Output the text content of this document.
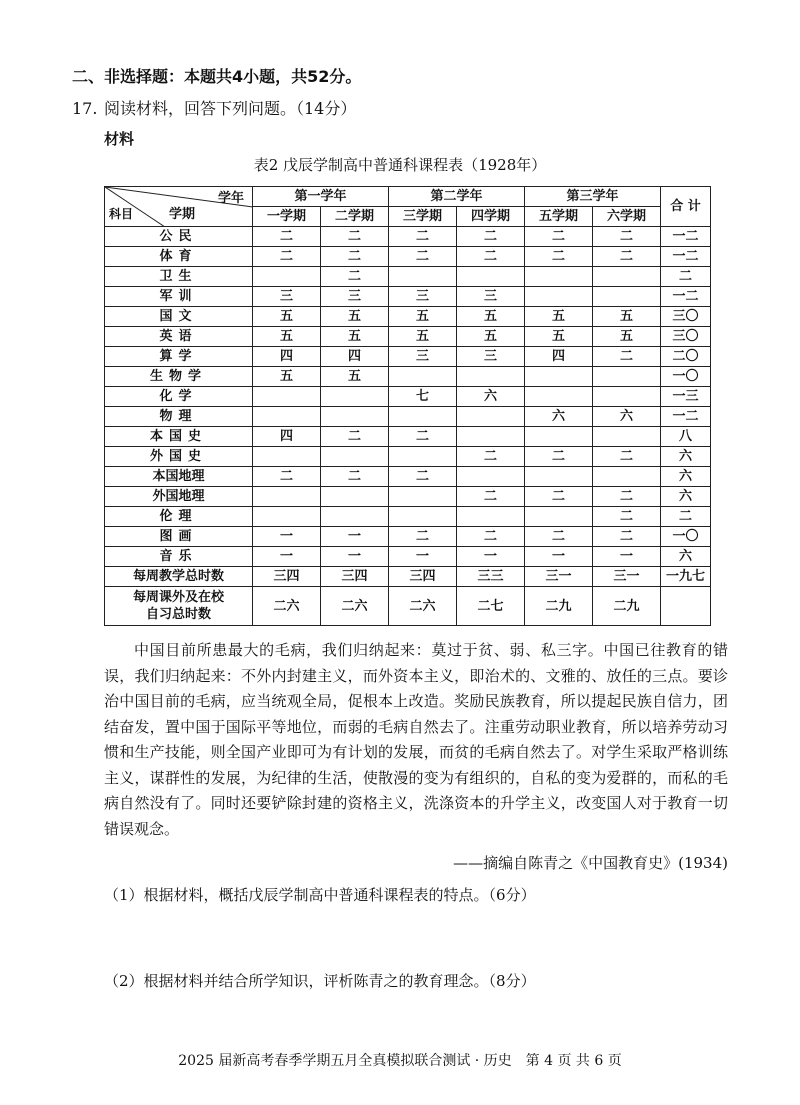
二、非选择题：本题共4小题，共52分。
17. 阅读材料，回答下列问题。（14分）
材料
表2 戊辰学制高中普通科课程表（1928年）
学年
科目 学期	第一学年		第二学年		第三学年		合 计
	一学期	二学期	三学期	四学期	五学期	六学期	
公民	二	二	二	二	二	二	一二
体育	二	二	二	二	二	二	一二
卫生		二					二
军训	三	三	三	三			一二
国文	五	五	五	五	五	五	三〇
英语	五	五	五	五	五	五	三〇
算学	四	四	三	三	四	二	二〇
生物学	五	五					一〇
化学			七	六			一三
物理					六	六	一二
本国史	四	二	二				八
外国史				二	二	二	六
本国地理	二	二	二				六
外国地理				二	二	二	六
伦理						二	二
图画	一	一	二	二	二	二	一〇
音乐	一	一	一	一	一	一	六
每周教学总时数	三四	三四	三四	三三	三一	三一	一九七

每周课外及在校
自习总时数	二六	二六	二六	二七	二九	二九	
中国目前所患最大的毛病，我们归纳起来：莫过于贫、弱、私三字。中国已往教育的错误，我们归纳起来：不外内封建主义，而外资本主义，即治术的、文雅的、放任的三点。要诊治中国目前的毛病，应当统观全局，促根本上改造。奖励民族教育，所以提起民族自信力，团结奋发，置中国于国际平等地位，而弱的毛病自然去了。注重劳动职业教育，所以培养劳动习惯和生产技能，则全国产业即可为有计划的发展，而贫的毛病自然去了。对学生采取严格训练主义，谋群性的发展，为纪律的生活，使散漫的变为有组织的，自私的变为爱群的，而私的毛病自然没有了。同时还要铲除封建的资格主义，洗涤资本的升学主义，改变国人对于教育一切错误观念。
——摘编自陈青之《中国教育史》(1934)
（1）根据材料，概括戊辰学制高中普通科课程表的特点。（6分）
（2）根据材料并结合所学知识，评析陈青之的教育理念。（8分）
2025 届新高考春季学期五月全真模拟联合测试 · 历史　第 4 页 共 6 页
